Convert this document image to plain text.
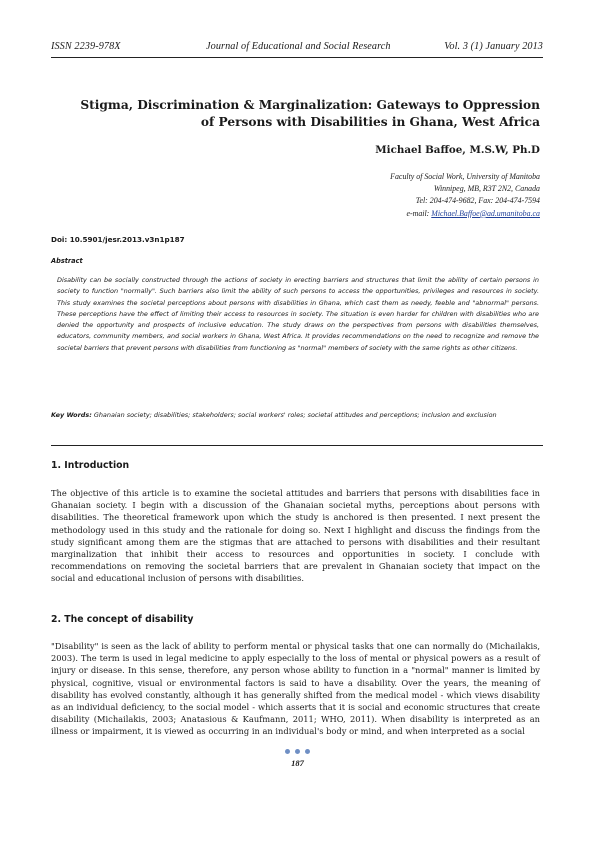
ISSN 2239-978X	Journal of Educational and Social Research	Vol. 3 (1) January 2013
Stigma, Discrimination & Marginalization: Gateways to Oppression
of Persons with Disabilities in Ghana, West Africa
Michael Baffoe, M.S.W, Ph.D
Faculty of Social Work, University of Manitoba
Winnipeg, MB, R3T 2N2, Canada
Tel: 204-474-9682, Fax: 204-474-7594
e-mail: Michael.Baffoe@ad.umanitoba.ca
Doi: 10.5901/jesr.2013.v3n1p187
Abstract
Disability can be socially constructed through the actions of society in erecting barriers and structures that limit the ability of certain persons in society to function "normally". Such barriers also limit the ability of such persons to access the opportunities, privileges and resources in society. This study examines the societal perceptions about persons with disabilities in Ghana, which cast them as needy, feeble and "abnormal" persons. These perceptions have the effect of limiting their access to resources in society. The situation is even harder for children with disabilities who are denied the opportunity and prospects of inclusive education. The study draws on the perspectives from persons with disabilities themselves, educators, community members, and social workers in Ghana, West Africa. It provides recommendations on the need to recognize and remove the societal barriers that prevent persons with disabilities from functioning as "normal" members of society with the same rights as other citizens.
Key Words: Ghanaian society; disabilities; stakeholders; social workers' roles; societal attitudes and perceptions; inclusion and exclusion
1. Introduction
The objective of this article is to examine the societal attitudes and barriers that persons with disabilities face in Ghanaian society. I begin with a discussion of the Ghanaian societal myths, perceptions about persons with disabilities. The theoretical framework upon which the study is anchored is then presented. I next present the methodology used in this study and the rationale for doing so. Next I highlight and discuss the findings from the study significant among them are the stigmas that are attached to persons with disabilities and their resultant marginalization that inhibit their access to resources and opportunities in society. I conclude with recommendations on removing the societal barriers that are prevalent in Ghanaian society that impact on the social and educational inclusion of persons with disabilities.
2. The concept of disability
"Disability" is seen as the lack of ability to perform mental or physical tasks that one can normally do (Michailakis, 2003). The term is used in legal medicine to apply especially to the loss of mental or physical powers as a result of injury or disease. In this sense, therefore, any person whose ability to function in a "normal" manner is limited by physical, cognitive, visual or environmental factors is said to have a disability. Over the years, the meaning of disability has evolved constantly, although it has generally shifted from the medical model - which views disability as an individual deficiency, to the social model - which asserts that it is social and economic structures that create disability (Michailakis, 2003; Anatasious & Kaufmann, 2011; WHO, 2011). When disability is interpreted as an illness or impairment, it is viewed as occurring in an individual's body or mind, and when interpreted as a social
187
